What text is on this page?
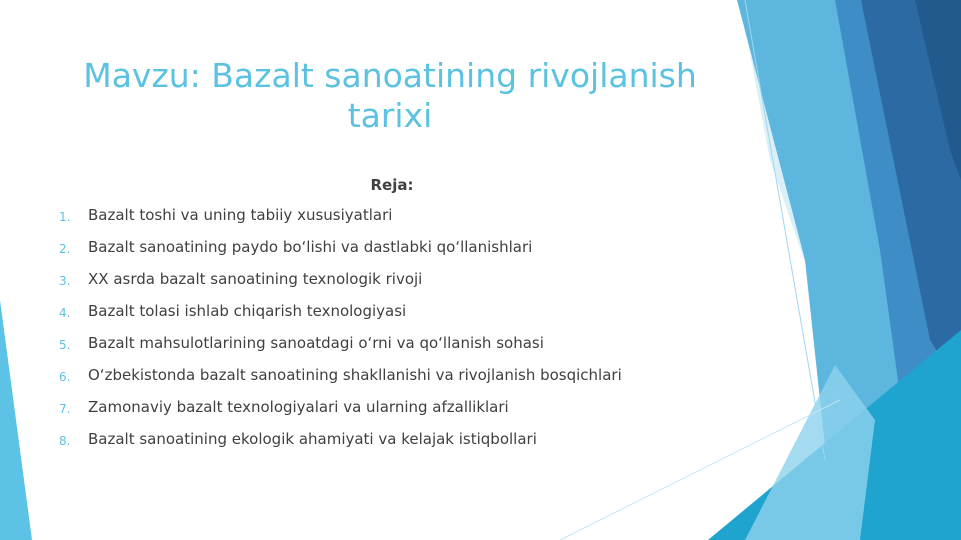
Mavzu: Bazalt sanoatining rivojlanish
tarixi
Reja:
1. Bazalt toshi va uning tabiiy xususiyatlari
2. Bazalt sanoatining paydo bo‘lishi va dastlabki qo‘llanishlari
3. XX asrda bazalt sanoatining texnologik rivoji
4. Bazalt tolasi ishlab chiqarish texnologiyasi
5. Bazalt mahsulotlarining sanoatdagi o‘rni va qo‘llanish sohasi
6. O‘zbekistonda bazalt sanoatining shakllanishi va rivojlanish bosqichlari
7. Zamonaviy bazalt texnologiyalari va ularning afzalliklari
8. Bazalt sanoatining ekologik ahamiyati va kelajak istiqbollari
